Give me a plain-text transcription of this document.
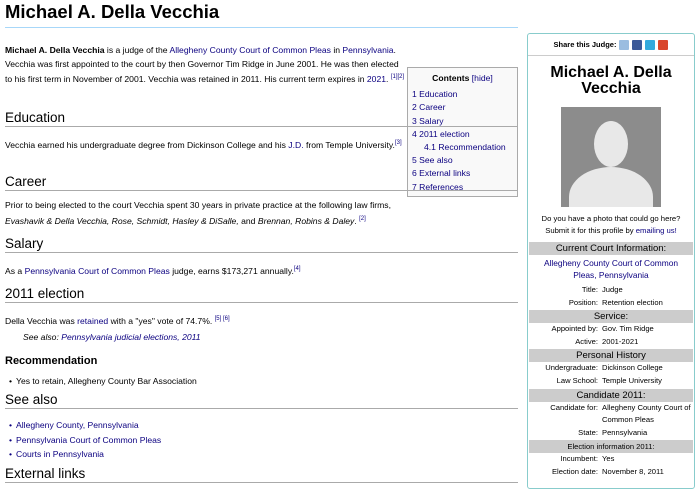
Michael A. Della Vecchia

Michael A. Della Vecchia is a judge of the Allegheny County Court of Common Pleas in Pennsylvania. Vecchia was first appointed to the court by then Governor Tim Ridge in June 2001. He was then elected to his first term in November of 2001. Vecchia was retained in 2011. His current term expires in 2021. [1][2]	Contents [hide]
1 Education
2 Career
3 Salary
4 2011 election
4.1 Recommendation
5 See also
6 External links
7 References
Education
Vecchia earned his undergraduate degree from Dickinson College and his J.D. from Temple University.[3]
Career
Prior to being elected to the court Vecchia spent 30 years in private practice at the following law firms, Evashavik & Della Vecchia, Rose, Schmidt, Hasley & DiSalle, and Brennan, Robins & Daley. [2]
Salary
As a Pennsylvania Court of Common Pleas judge, earns $173,271 annually.[4]
2011 election
Della Vecchia was retained with a "yes" vote of 74.7%. [5] [6]
See also: Pennsylvania judicial elections, 2011
Recommendation
• Yes to retain, Allegheny County Bar Association
See also
• Allegheny County, Pennsylvania
• Pennsylvania Court of Common Pleas
• Courts in Pennsylvania
External links
Share this Judge:
Michael A. Della Vecchia
Do you have a photo that could go here?
Submit it for this profile by emailing us!
Current Court Information:
Allegheny County Court of Common Pleas, Pennsylvania
Title: Judge
Position: Retention election
Service:
Appointed by: Gov. Tim Ridge
Active: 2001-2021
Personal History
Undergraduate: Dickinson College
Law School: Temple University
Candidate 2011:
Candidate for: Allegheny County Court of Common Pleas
State: Pennsylvania
Election information 2011:
Incumbent: Yes
Election date: November 8, 2011
